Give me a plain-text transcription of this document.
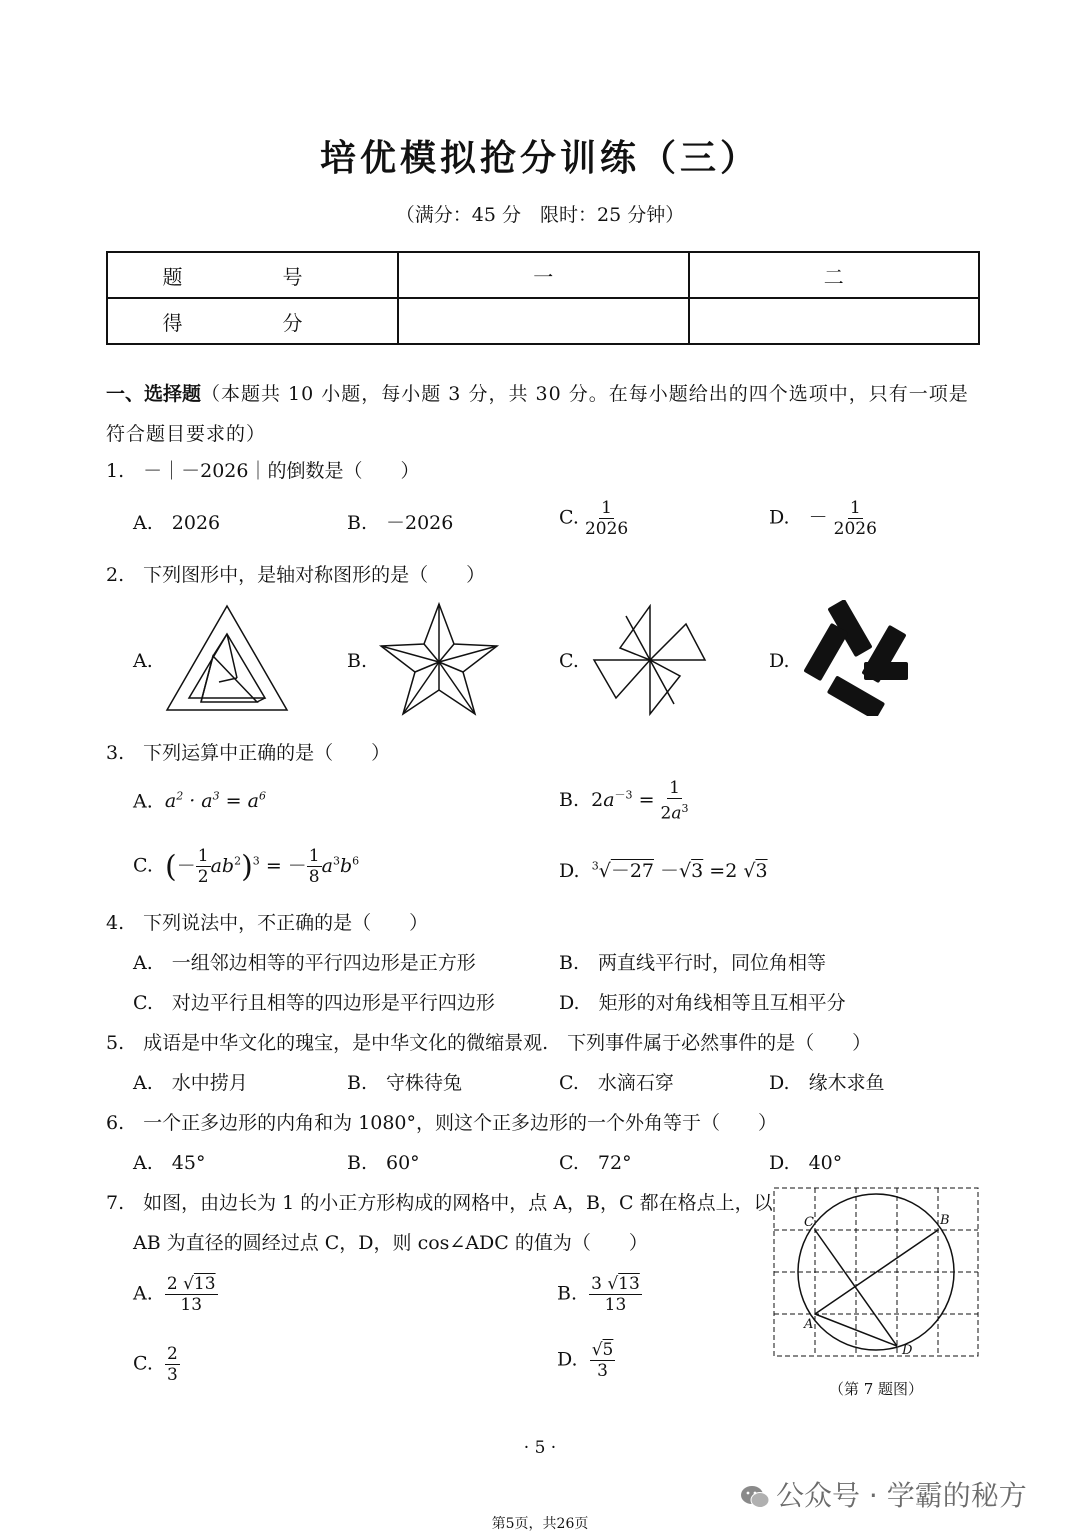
培优模拟抢分训练（三）
（满分：45 分　限时：25 分钟）
题　号	一	二
得　分		
一、选择题（本题共 10 小题，每小题 3 分，共 30 分。在每小题给出的四个选项中，只有一项是符合题目要求的）
1.　－｜－2026｜的倒数是（　　）
A.　2026	B.　－2026	C. $\frac{1}{2026}$	D.　－ $\frac{1}{2026}$
2.　下列图形中，是轴对称图形的是（　　）
A.	B.	C.	D.
3.　下列运算中正确的是（　　）
A. $a^2 \cdot a^3 = a^6$	B. $2a^{-3} = \frac{1}{2a^3}$
C. (－ $\frac{1}{2} ab^2)^3$ = － $\frac{1}{8} a^3b^6$	D. $^3$√－27 －√3 =2 √3
4.　下列说法中，不正确的是（　　）
A.　一组邻边相等的平行四边形是正方形	B.　两直线平行时，同位角相等
C.　对边平行且相等的四边形是平行四边形	D.　矩形的对角线相等且互相平分
5.　成语是中华文化的瑰宝，是中华文化的微缩景观.　下列事件属于必然事件的是（　　）
A.　水中捞月	B.　守株待兔	C.　水滴石穿	D.　缘木求鱼
6.　一个正多边形的内角和为 1080°，则这个正多边形的一个外角等于（　　）
A.　45°	B.　60°	C.　72°	D.　40°
7.　如图，由边长为 1 的小正方形构成的网格中，点 A，B，C 都在格点上，以
AB 为直径的圆经过点 C，D，则 cos∠ADC 的值为（　　）
A. $\frac{2 √13}{13}$	B. $\frac{3 √13}{13}$
C. $\frac{2}{3}$	D. $\frac{√5}{3}$
C	B
A
D
（第 7 题图）
· 5 ·
公众号 · 学霸的秘方
第5页，共26页
